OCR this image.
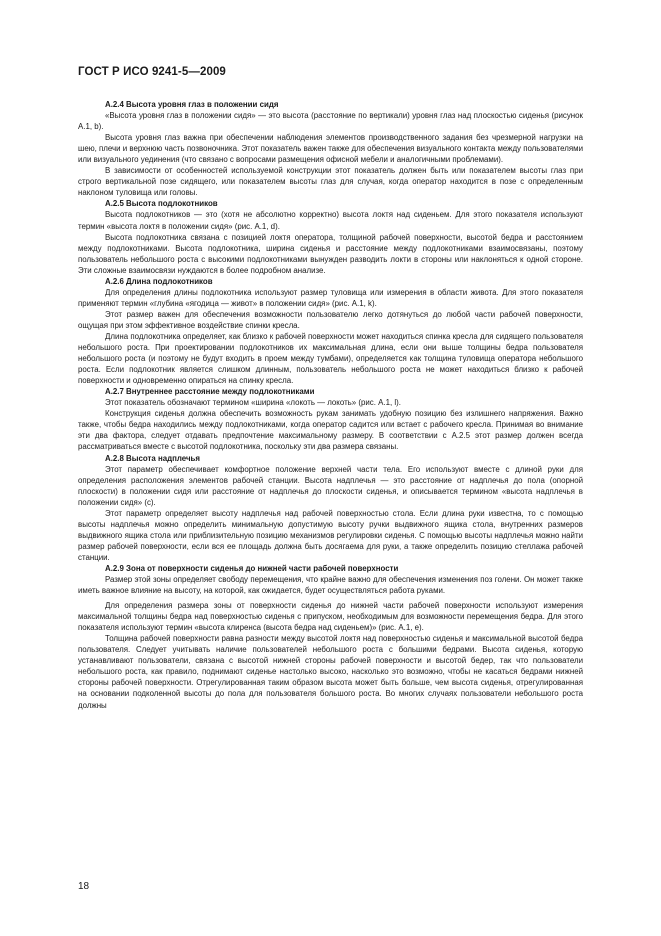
ГОСТ Р ИСО 9241-5—2009

А.2.4 Высота уровня глаз в положении сидя

«Высота уровня глаз в положении сидя» — это высота (расстояние по вертикали) уровня глаз над плоскостью сиденья (рисунок А.1, b).

Высота уровня глаз важна при обеспечении наблюдения элементов производственного задания без чрезмерной нагрузки на шею, плечи и верхнюю часть позвоночника. Этот показатель важен также для обеспечения визуального контакта между пользователями или визуального уединения (что связано с вопросами размещения офисной мебели и аналогичными проблемами).

В зависимости от особенностей используемой конструкции этот показатель должен быть или показателем высоты глаз при строго вертикальной позе сидящего, или показателем высоты глаз для случая, когда оператор находится в позе с определенным наклоном туловища или головы.

А.2.5 Высота подлокотников

Высота подлокотников — это (хотя не абсолютно корректно) высота локтя над сиденьем. Для этого показателя используют термин «высота локтя в положении сидя» (рис. А.1, d).

Высота подлокотника связана с позицией локтя оператора, толщиной рабочей поверхности, высотой бедра и расстоянием между подлокотниками. Высота подлокотника, ширина сиденья и расстояние между подлокотниками взаимосвязаны, поэтому пользователь небольшого роста с высокими подлокотниками вынужден разводить локти в стороны или наклоняться к одной стороне. Эти сложные взаимосвязи нуждаются в более подробном анализе.

А.2.6 Длина подлокотников

Для определения длины подлокотника используют размер туловища или измерения в области живота. Для этого показателя применяют термин «глубина «ягодица — живот» в положении сидя» (рис. А.1, k).

Этот размер важен для обеспечения возможности пользователю легко дотянуться до любой части рабочей поверхности, ощущая при этом эффективное воздействие спинки кресла.

Длина подлокотника определяет, как близко к рабочей поверхности может находиться спинка кресла для сидящего пользователя небольшого роста. При проектировании подлокотников их максимальная длина, если они выше толщины бедра пользователя небольшого роста (и поэтому не будут входить в проем между тумбами), определяется как толщина туловища оператора небольшого роста. Если подлокотник является слишком длинным, пользователь небольшого роста не может находиться близко к рабочей поверхности и одновременно опираться на спинку кресла.

А.2.7 Внутреннее расстояние между подлокотниками

Этот показатель обозначают термином «ширина «локоть — локоть» (рис. А.1, l).

Конструкция сиденья должна обеспечить возможность рукам занимать удобную позицию без излишнего напряжения. Важно также, чтобы бедра находились между подлокотниками, когда оператор садится или встает с рабочего кресла. Принимая во внимание эти два фактора, следует отдавать предпочтение максимальному размеру. В соответствии с А.2.5 этот размер должен всегда рассматриваться вместе с высотой подлокотника, поскольку эти два размера связаны.

А.2.8 Высота надплечья

Этот параметр обеспечивает комфортное положение верхней части тела. Его используют вместе с длиной руки для определения расположения элементов рабочей станции. Высота надплечья — это расстояние от надплечья до пола (опорной плоскости) в положении сидя или расстояние от надплечья до плоскости сиденья, и описывается термином «высота надплечья в положении сидя» (c).

Этот параметр определяет высоту надплечья над рабочей поверхностью стола. Если длина руки известна, то с помощью высоты надплечья можно определить минимальную допустимую высоту ручки выдвижного ящика стола, внутренних размеров выдвижного ящика стола или приблизительную позицию механизмов регулировки сиденья. С помощью высоты надплечья можно найти размер рабочей поверхности, если вся ее площадь должна быть досягаема для руки, а также определить позицию стеллажа рабочей станции.

А.2.9 Зона от поверхности сиденья до нижней части рабочей поверхности

Размер этой зоны определяет свободу перемещения, что крайне важно для обеспечения изменения поз голени. Он может также иметь важное влияние на высоту, на которой, как ожидается, будет осуществляться работа руками.

Для определения размера зоны от поверхности сиденья до нижней части рабочей поверхности используют измерения максимальной толщины бедра над поверхностью сиденья с припуском, необходимым для возможности перемещения бедра. Для этого показателя используют термин «высота клиренса (высота бедра над сиденьем)» (рис. А.1, e).

Толщина рабочей поверхности равна разности между высотой локтя над поверхностью сиденья и максимальной высотой бедра пользователя. Следует учитывать наличие пользователей небольшого роста с большими бедрами. Высота сиденья, которую устанавливают пользователи, связана с высотой нижней стороны рабочей поверхности и высотой бедер, так что пользователи небольшого роста, как правило, поднимают сиденье настолько высоко, насколько это возможно, чтобы не касаться бедрами нижней стороны рабочей поверхности. Отрегулированная таким образом высота может быть больше, чем высота сиденья, отрегулированная на основании подколенной высоты до пола для пользователя большого роста. Во многих случаях пользователи небольшого роста должны

18
